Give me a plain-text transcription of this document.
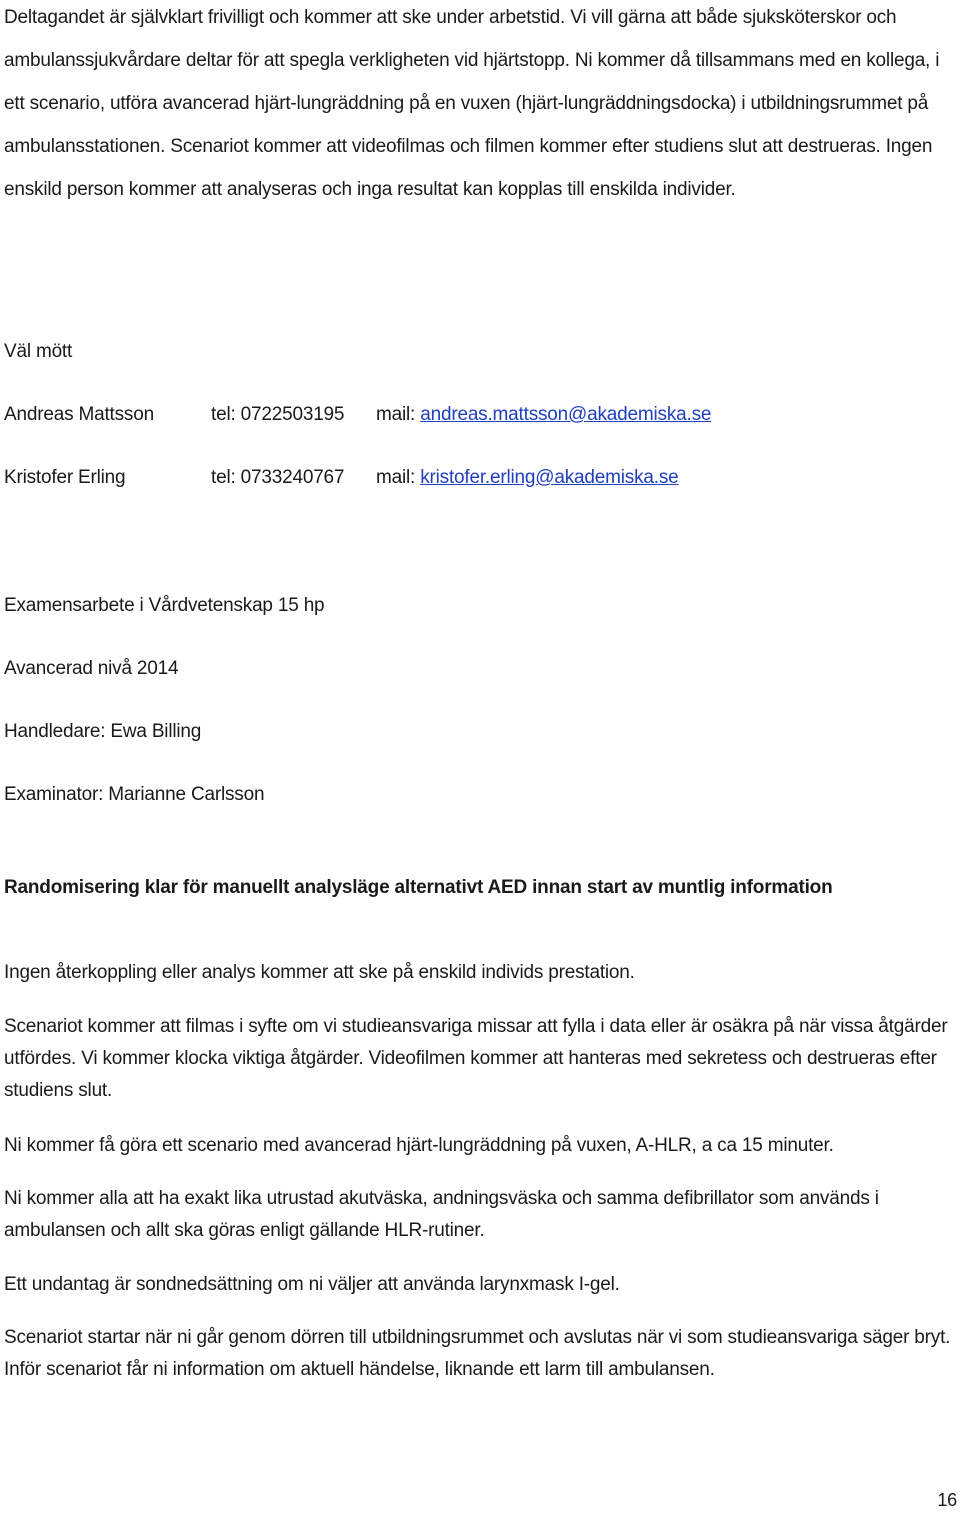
Deltagandet är självklart frivilligt och kommer att ske under arbetstid. Vi vill gärna att både sjuksköterskor och ambulanssjukvårdare deltar för att spegla verkligheten vid hjärtstopp. Ni kommer då tillsammans med en kollega, i ett scenario, utföra avancerad hjärt-lungräddning på en vuxen (hjärt-lungräddningsdocka) i utbildningsrummet på ambulansstationen. Scenariot kommer att videofilmas och filmen kommer efter studiens slut att destrueras. Ingen enskild person kommer att analyseras och inga resultat kan kopplas till enskilda individer.

Väl mött

Andreas Mattsson	tel: 0722503195 mail: andreas.mattsson@akademiska.se
Kristofer Erling	tel: 0733240767 mail: kristofer.erling@akademiska.se

Examensarbete i Vårdvetenskap 15 hp

Avancerad nivå 2014

Handledare: Ewa Billing

Examinator: Marianne Carlsson

Randomisering klar för manuellt analysläge alternativt AED innan start av muntlig information

Ingen återkoppling eller analys kommer att ske på enskild individs prestation.

Scenariot kommer att filmas i syfte om vi studieansvariga missar att fylla i data eller är osäkra på när vissa åtgärder utfördes. Vi kommer klocka viktiga åtgärder. Videofilmen kommer att hanteras med sekretess och destrueras efter studiens slut.

Ni kommer få göra ett scenario med avancerad hjärt-lungräddning på vuxen, A-HLR, a ca 15 minuter.

Ni kommer alla att ha exakt lika utrustad akutväska, andningsväska och samma defibrillator som används i ambulansen och allt ska göras enligt gällande HLR-rutiner.

Ett undantag är sondnedsättning om ni väljer att använda larynxmask I-gel.

Scenariot startar när ni går genom dörren till utbildningsrummet och avslutas när vi som studieansvariga säger bryt. Inför scenariot får ni information om aktuell händelse, liknande ett larm till ambulansen.

16
